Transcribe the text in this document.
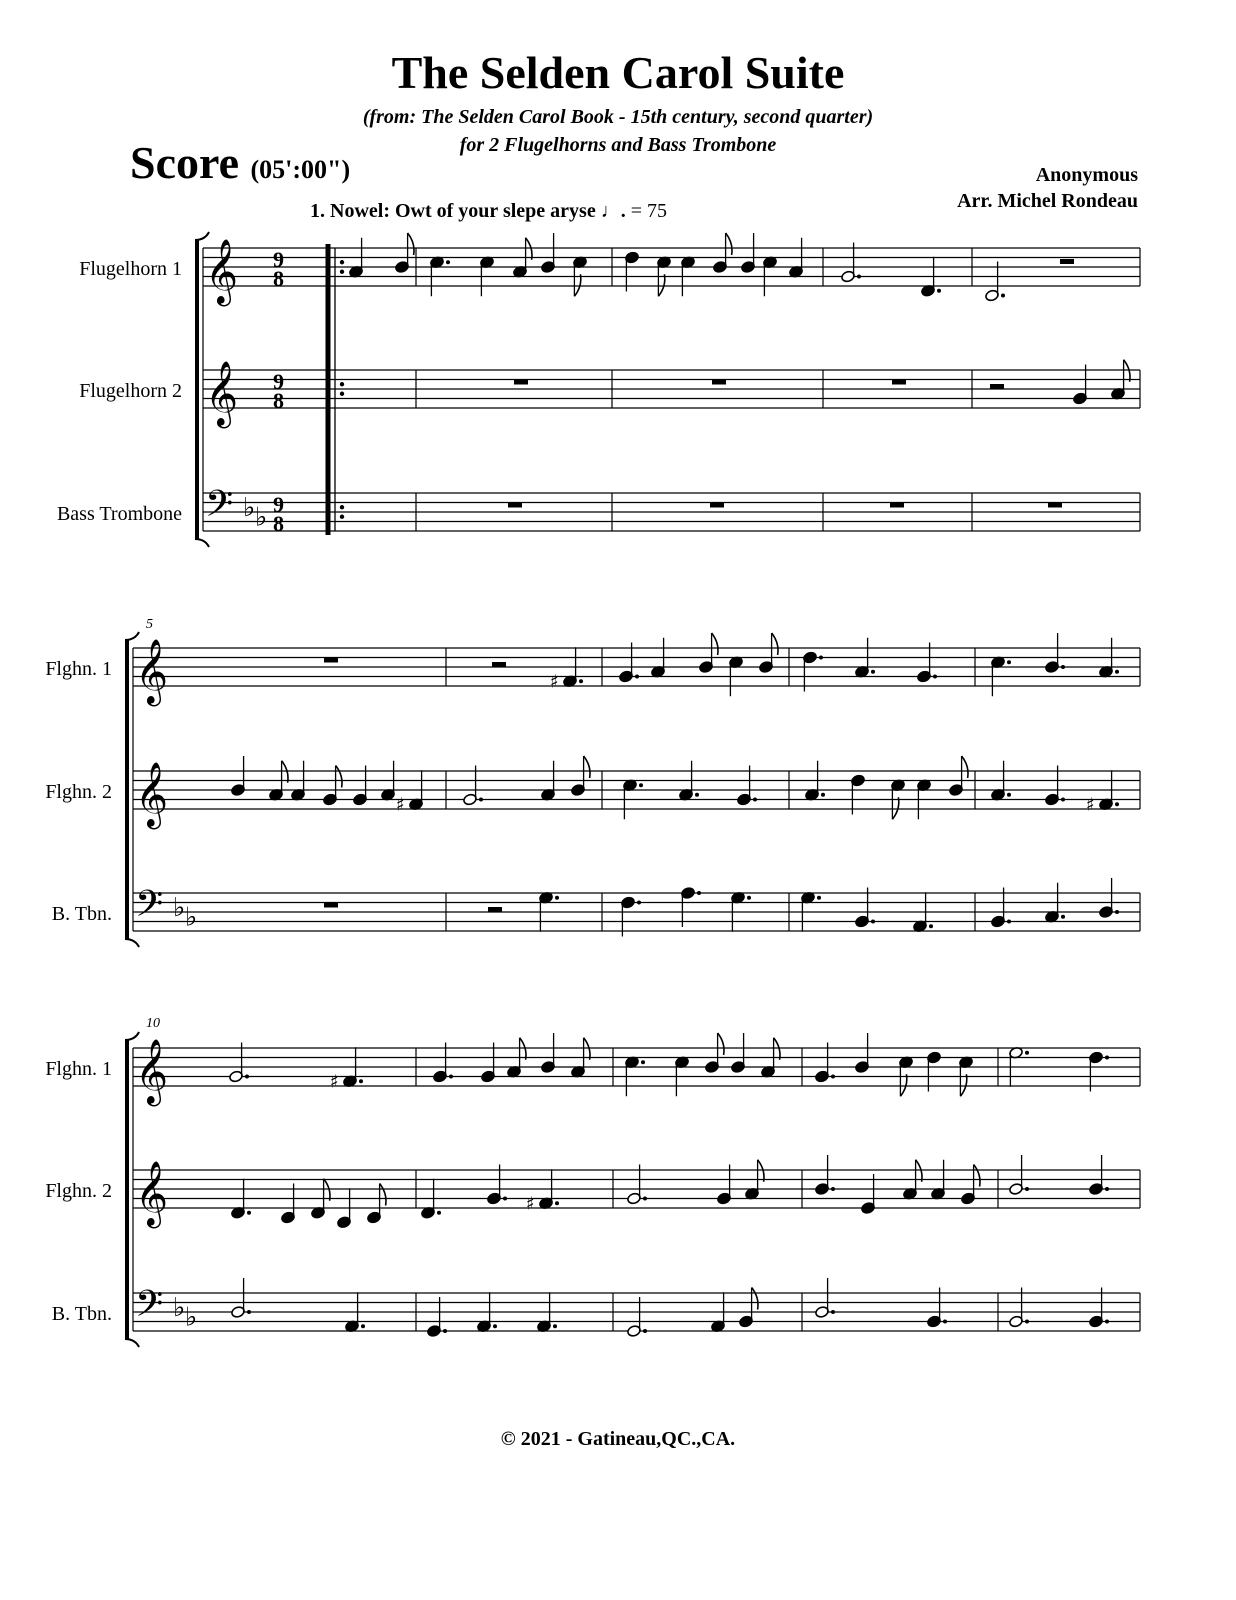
The Selden Carol Suite
(from: The Selden Carol Book - 15th century, second quarter)
for 2 Flugelhorns and Bass Trombone
Score (05':00")	Anonymous
Arr. Michel Rondeau
1. Nowel: Owt of your slepe aryse ♩. = 75
Flugelhorn 1
Flugelhorn 2
Bass Trombone
Flghn. 1
Flghn. 2
B. Tbn.
Flghn. 1
Flghn. 2
B. Tbn.
5
10
© 2021 - Gatineau,QC.,CA.
𝄞 9
8
𝄞 9
8
𝄢 ♭ ♭ 9
8
𝄞
𝄞
𝄢 ♭ ♭
♯
♯	♯
𝄞
𝄞
𝄢 ♭ ♭
♯
♯
